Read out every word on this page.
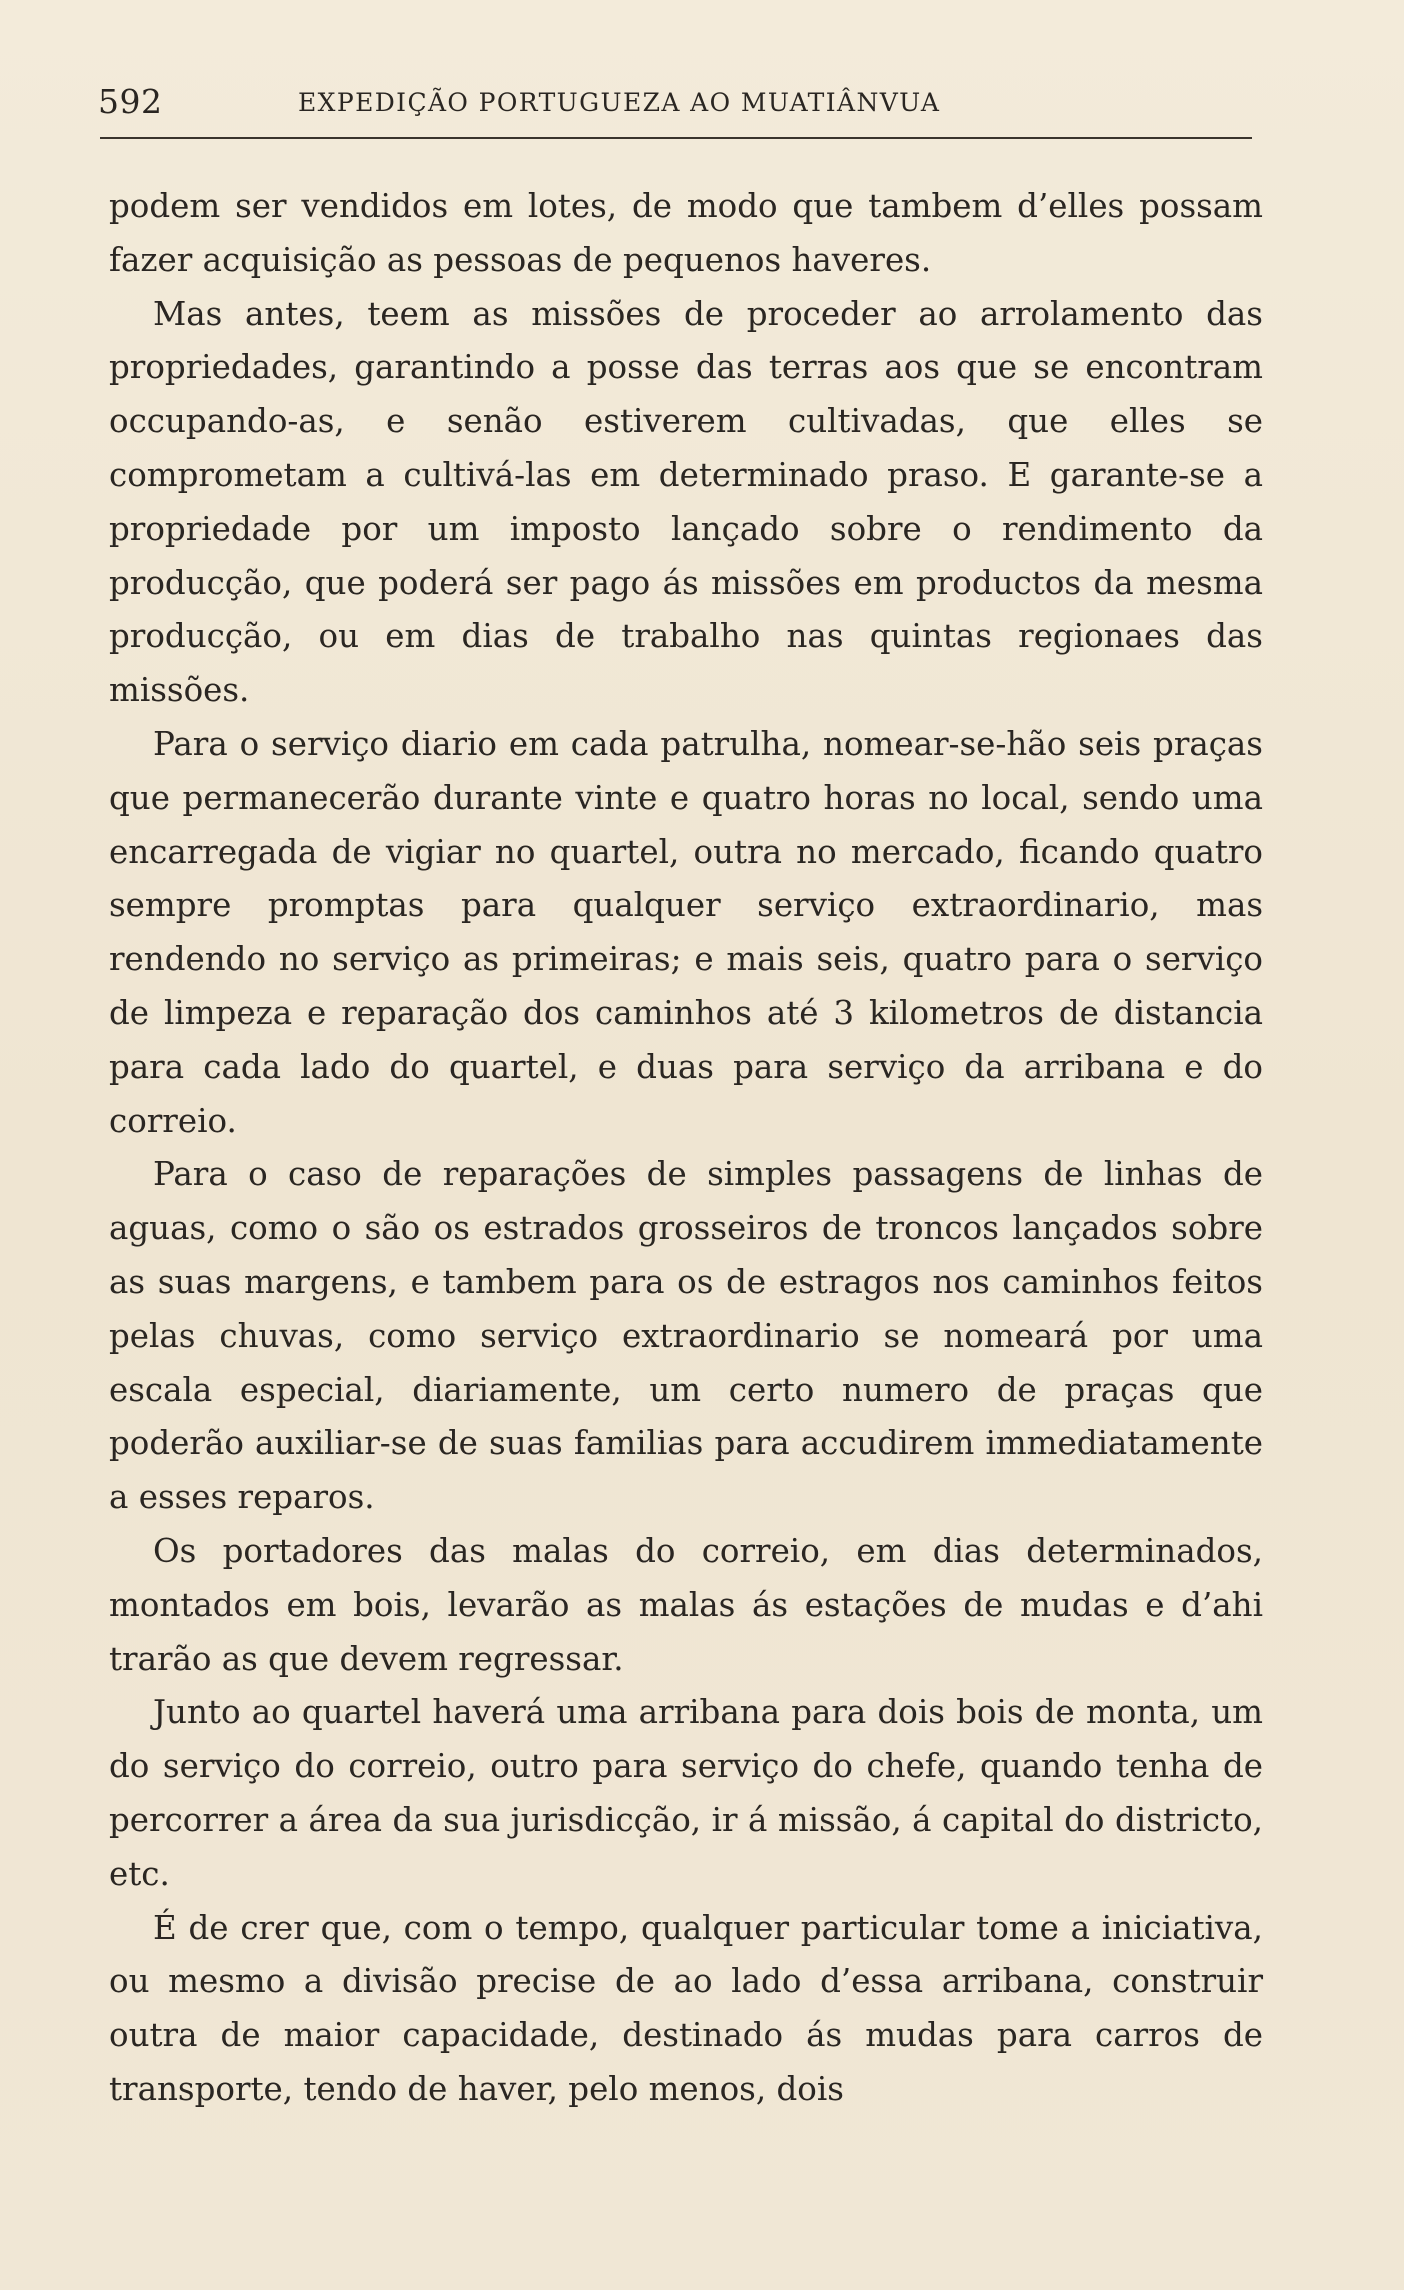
592	EXPEDIÇÃO PORTUGUEZA AO MUATIÂNVUA

podem ser vendidos em lotes, de modo que tambem d’elles possam fazer acquisição as pessoas de pequenos haveres.

Mas antes, teem as missões de proceder ao arrolamento das propriedades, garantindo a posse das terras aos que se encontram occupando-as, e senão estiverem cultivadas, que elles se comprometam a cultivá-las em determinado praso. E garante-se a propriedade por um imposto lançado sobre o rendimento da producção, que poderá ser pago ás missões em productos da mesma producção, ou em dias de trabalho nas quintas regionaes das missões.

Para o serviço diario em cada patrulha, nomear-se-hão seis praças que permanecerão durante vinte e quatro horas no local, sendo uma encarregada de vigiar no quartel, outra no mercado, ficando quatro sempre promptas para qualquer serviço extraordinario, mas rendendo no serviço as primeiras; e mais seis, quatro para o serviço de limpeza e reparação dos caminhos até 3 kilometros de distancia para cada lado do quartel, e duas para serviço da arribana e do correio.

Para o caso de reparações de simples passagens de linhas de aguas, como o são os estrados grosseiros de troncos lançados sobre as suas margens, e tambem para os de estragos nos caminhos feitos pelas chuvas, como serviço extraordinario se nomeará por uma escala especial, diariamente, um certo numero de praças que poderão auxiliar-se de suas familias para accudirem immediatamente a esses reparos.

Os portadores das malas do correio, em dias determinados, montados em bois, levarão as malas ás estações de mudas e d’ahi trarão as que devem regressar.

Junto ao quartel haverá uma arribana para dois bois de monta, um do serviço do correio, outro para serviço do chefe, quando tenha de percorrer a área da sua jurisdicção, ir á missão, á capital do districto, etc.

É de crer que, com o tempo, qualquer particular tome a iniciativa, ou mesmo a divisão precise de ao lado d’essa arribana, construir outra de maior capacidade, destinado ás mudas para carros de transporte, tendo de haver, pelo menos, dois
